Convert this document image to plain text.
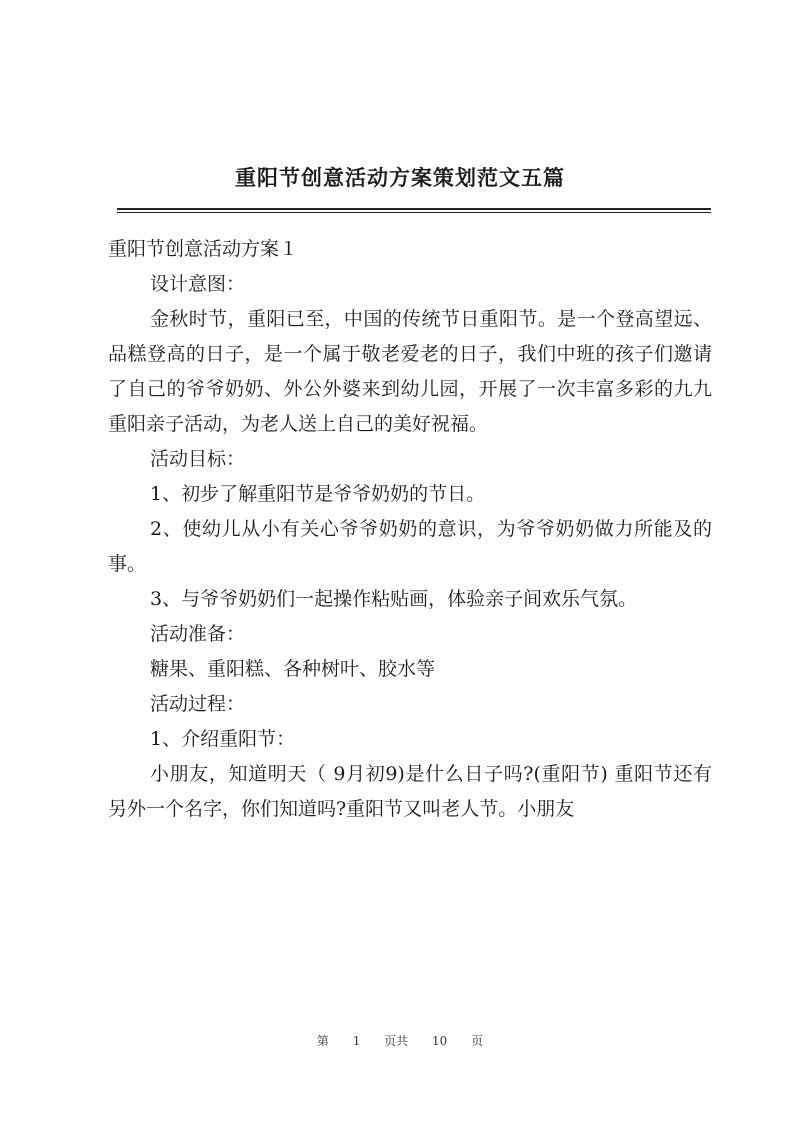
重阳节创意活动方案策划范文五篇

重阳节创意活动方案１

设计意图：

金秋时节，重阳已至，中国的传统节日重阳节。是一个登高望远、品糕登高的日子，是一个属于敬老爱老的日子，我们中班的孩子们邀请了自己的爷爷奶奶、外公外婆来到幼儿园，开展了一次丰富多彩的九九重阳亲子活动，为老人送上自己的美好祝福。

活动目标：

1、初步了解重阳节是爷爷奶奶的节日。

2、使幼儿从小有关心爷爷奶奶的意识，为爷爷奶奶做力所能及的事。

3、与爷爷奶奶们一起操作粘贴画，体验亲子间欢乐气氛。

活动准备：

糖果、重阳糕、各种树叶、胶水等

活动过程：

1、介绍重阳节：

小朋友，知道明天（ 9月初9)是什么日子吗?(重阳节) 重阳节还有另外一个名字，你们知道吗?重阳节又叫老人节。小朋友

第 1 页共 10 页
